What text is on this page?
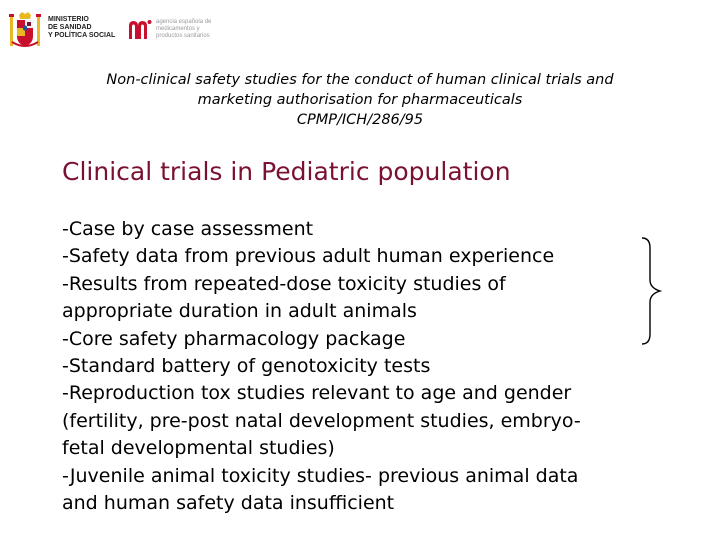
MINISTERIO
DE SANIDAD
Y POLÍTICA SOCIAL
agencia española de
medicamentos y
productos sanitarios
Non-clinical safety studies for the conduct of human clinical trials and
marketing authorisation for pharmaceuticals
CPMP/ICH/286/95
Clinical trials in Pediatric population
-Case by case assessment
-Safety data from previous adult human experience
-Results from repeated-dose toxicity studies of
appropriate duration in adult animals
-Core safety pharmacology package
-Standard battery of genotoxicity tests
-Reproduction tox studies relevant to age and gender
(fertility, pre-post natal development studies, embryo-
fetal developmental studies)
-Juvenile animal toxicity studies- previous animal data
and human safety data insufficient
